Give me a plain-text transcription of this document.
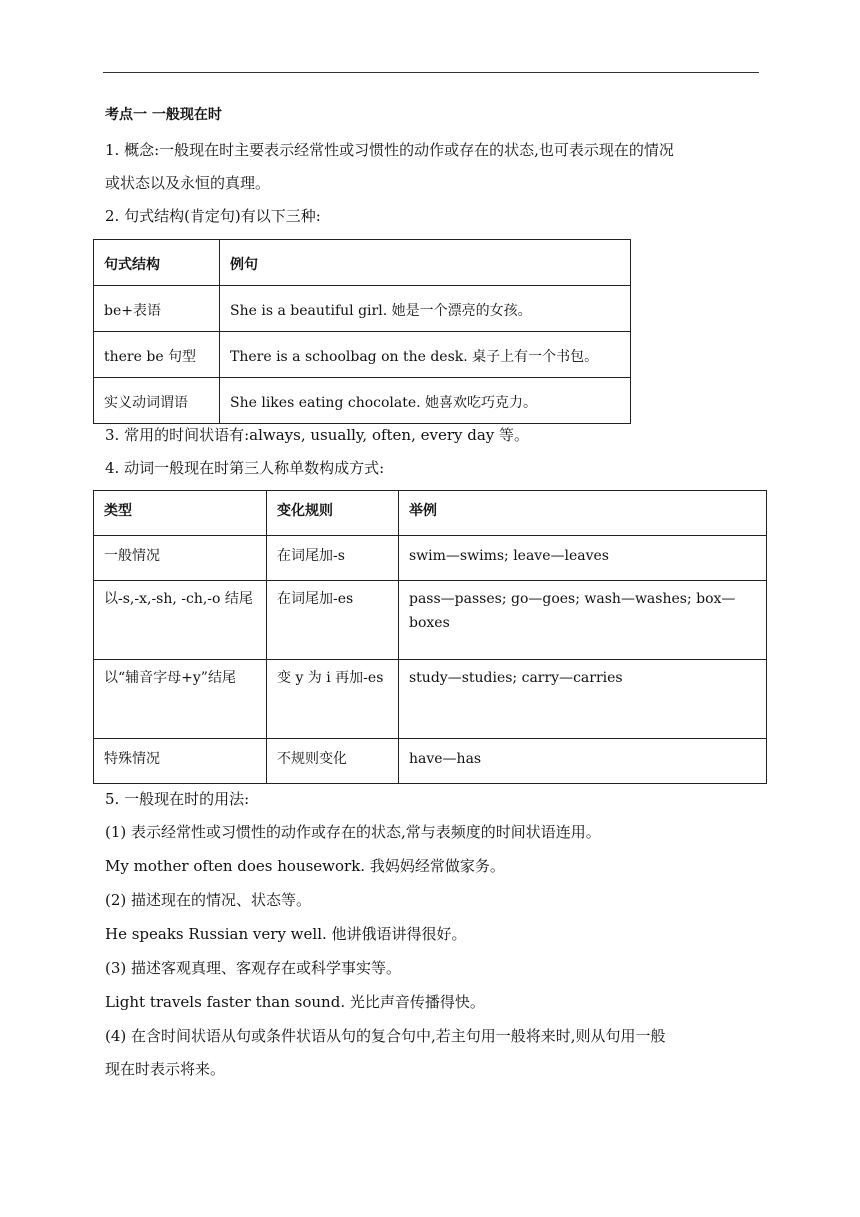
考点一 一般现在时
1. 概念:一般现在时主要表示经常性或习惯性的动作或存在的状态,也可表示现在的情况
或状态以及永恒的真理。
2. 句式结构(肯定句)有以下三种:
句式结构	例句
be+表语	She is a beautiful girl. 她是一个漂亮的女孩。
there be 句型	There is a schoolbag on the desk. 桌子上有一个书包。
实义动词谓语	She likes eating chocolate. 她喜欢吃巧克力。
3. 常用的时间状语有:always, usually, often, every day 等。
4. 动词一般现在时第三人称单数构成方式:
类型	变化规则	举例
一般情况	在词尾加-s	swim—swims; leave—leaves
以-s,-x,-sh, -ch,-o 结尾	在词尾加-es	pass—passes; go—goes; wash—washes; box—boxes
以“辅音字母+y”结尾	变 y 为 i 再加-es	study—studies; carry—carries
特殊情况	不规则变化	have—has
5. 一般现在时的用法:
(1) 表示经常性或习惯性的动作或存在的状态,常与表频度的时间状语连用。
My mother often does housework. 我妈妈经常做家务。
(2) 描述现在的情况、状态等。
He speaks Russian very well. 他讲俄语讲得很好。
(3) 描述客观真理、客观存在或科学事实等。
Light travels faster than sound. 光比声音传播得快。
(4) 在含时间状语从句或条件状语从句的复合句中,若主句用一般将来时,则从句用一般
现在时表示将来。
